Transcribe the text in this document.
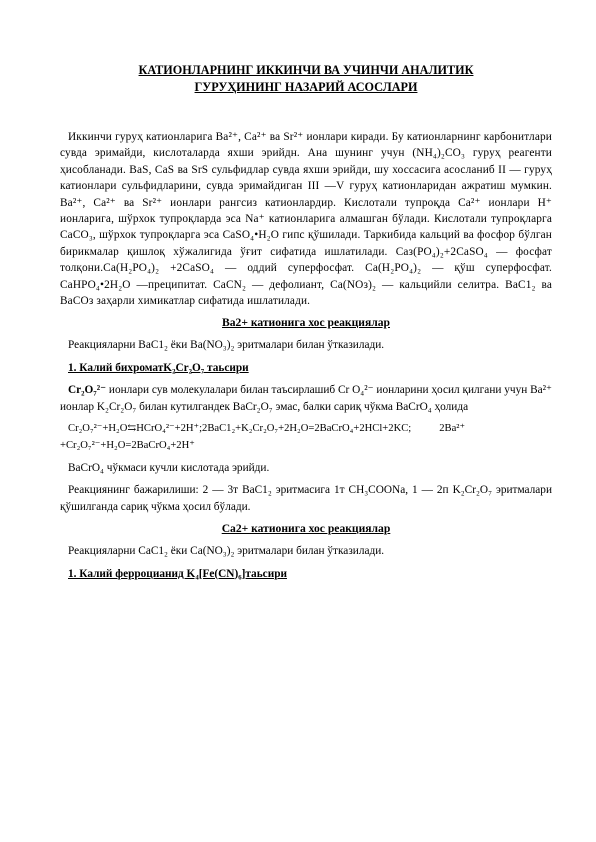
КАТИОНЛАРНИНГ ИККИНЧИ ВА УЧИНЧИ АНАЛИТИК
ГУРУҲИНИНГ НАЗАРИЙ АСОСЛАРИ

Иккинчи гуруҳ катионларига Ba²⁺, Ca²⁺ ва Sr²⁺ ионлари киради. Бу катионларнинг карбонитлари сувда эримайди, кислоталарда яхши эрийдн. Ана шунинг учун (NH₄)₂CO₃ гуруҳ реагенти ҳисобланади. BaS, CaS ва SrS сульфидлар сувда яхши эрийди, шу хоссасига асосланиб II — гуруҳ катионлари сульфидларини, сувда эримайдиган III —V гуруҳ катионларидан ажратиш мумкин. Ba²⁺, Ca²⁺ ва Sr²⁺ ионлари рангсиз катионлардир. Кислотали тупроқда Ca²⁺ ионлари H⁺ ионларига, шўрхок тупроқларда эса Na⁺ катионларига алмашган бўлади. Кислотали тупроқларга CaCO₃, шўрхок тупроқларга эса CaSO₄•H₂O гипс қўшилади. Таркибида кальций ва фосфор бўлган бирикмалар қишлоқ хўжалигида ўғит сифатида ишлатилади. Caз(PO₄)₂+2CaSO₄ — фосфат толқони.Ca(H₂PO₄)₂ +2CaSO₄ — оддий суперфосфат. Ca(H₂PO₄)₂ — қўш суперфосфат. CaHPO₄•2H₂O —преципитат. CaCN₂ — дефолиант, Ca(NOз)₂ — кальцийли селитра. BaC1₂ ва BaCOз заҳарли химикатлар сифатида ишлатилади.

Ba2+ катионига хос реакциялар

Реакцияларни BaC1₂ ёки Ba(NO₃)₂ эритмалари билан ўтказилади.

1. Калий бихроматK₂Cr₂O₇ таьсири

Cr₂O₇²⁻ ионлари сув молекулалари билан таъсирлашиб Cr O₄²⁻ ионларини ҳосил қилгани учун Ba²⁺ ионлар K₂Cr₂O₇ билан кутилгандек BaCr₂O₇ эмас, балки сариқ чўкма BaCrO₄ ҳолида

Cr₂O₇²⁻+H₂O⇆HCrO₄²⁻+2H⁺;2BaC1₂+K₂Cr₂O₇+2H₂O=2BaCrO₄+2HCl+2KC;	2Ba²⁺
+Cr₂O₇²⁻+H₂O=2BaCrO₄+2H⁺

BaCrO₄ чўкмаси кучли кислотада эрийди.

Реакциянинг бажарилиши: 2 — 3т BaC1₂ эритмасига 1т CH₃COONa, 1 — 2п K₂Cr₂O₇ эритмалари қўшилганда сариқ чўкма ҳосил бўлади.

Ca2+ катионига хос реакциялар

Реакцияларни CaC1₂ ёки Ca(NO₃)₂ эритмалари билан ўтказилади.

1. Калий ферроцианид K₄[Fe(CN)₆]таьсири
